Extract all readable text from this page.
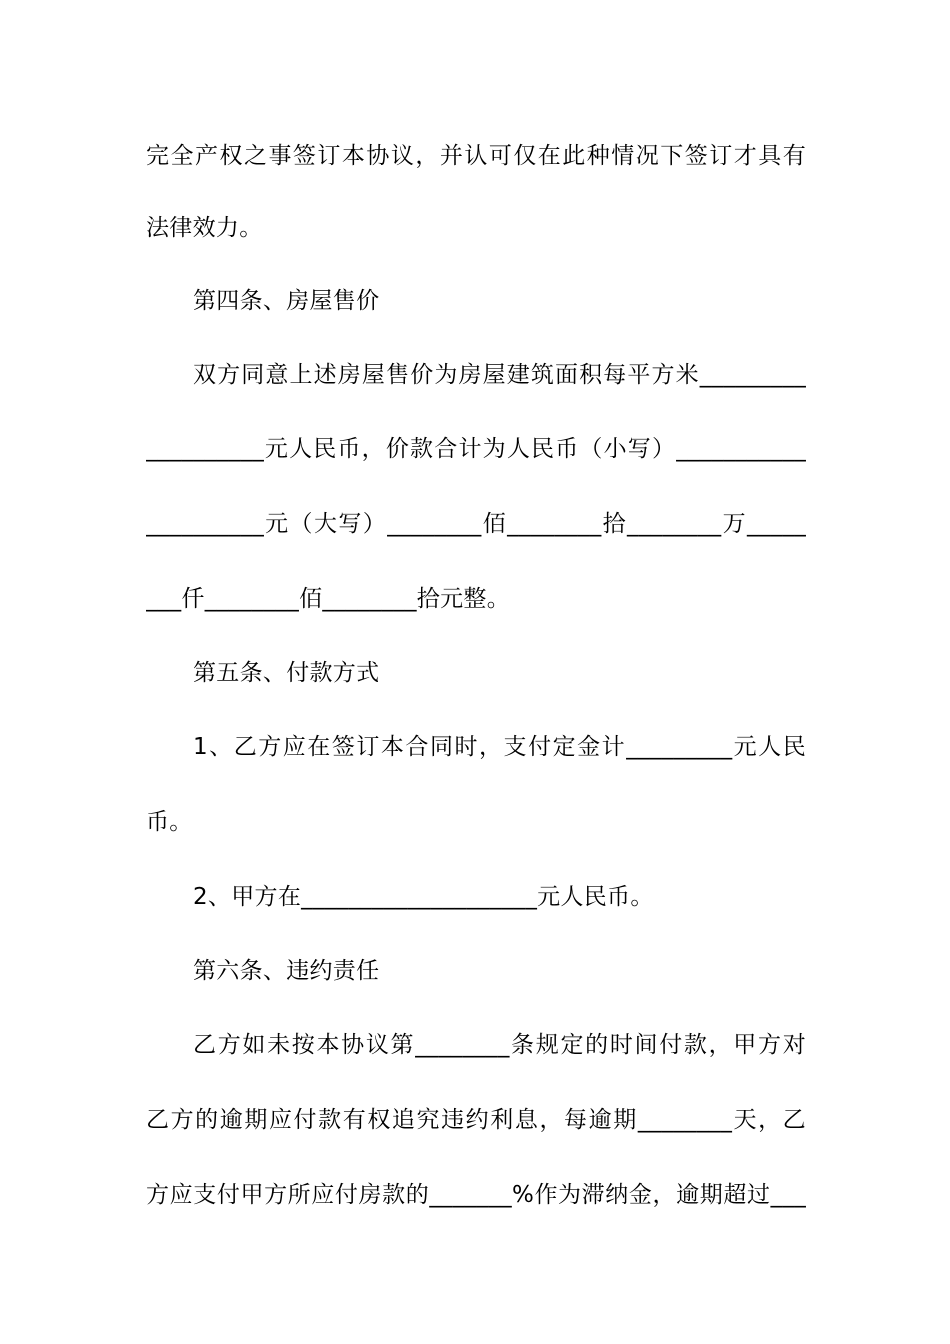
完全产权之事签订本协议，并认可仅在此种情况下签订才具有
法律效力。
第四条、房屋售价
双方同意上述房屋售价为房屋建筑面积每平方米_________
__________元人民币，价款合计为人民币（小写）___________
__________元（大写）________佰________拾________万_____
___仟________佰________拾元整。
第五条、付款方式
1、乙方应在签订本合同时，支付定金计_________元人民
币。
2、甲方在____________________元人民币。
第六条、违约责任
乙方如未按本协议第________条规定的时间付款，甲方对
乙方的逾期应付款有权追究违约利息，每逾期________天，乙
方应支付甲方所应付房款的_______%作为滞纳金，逾期超过___
